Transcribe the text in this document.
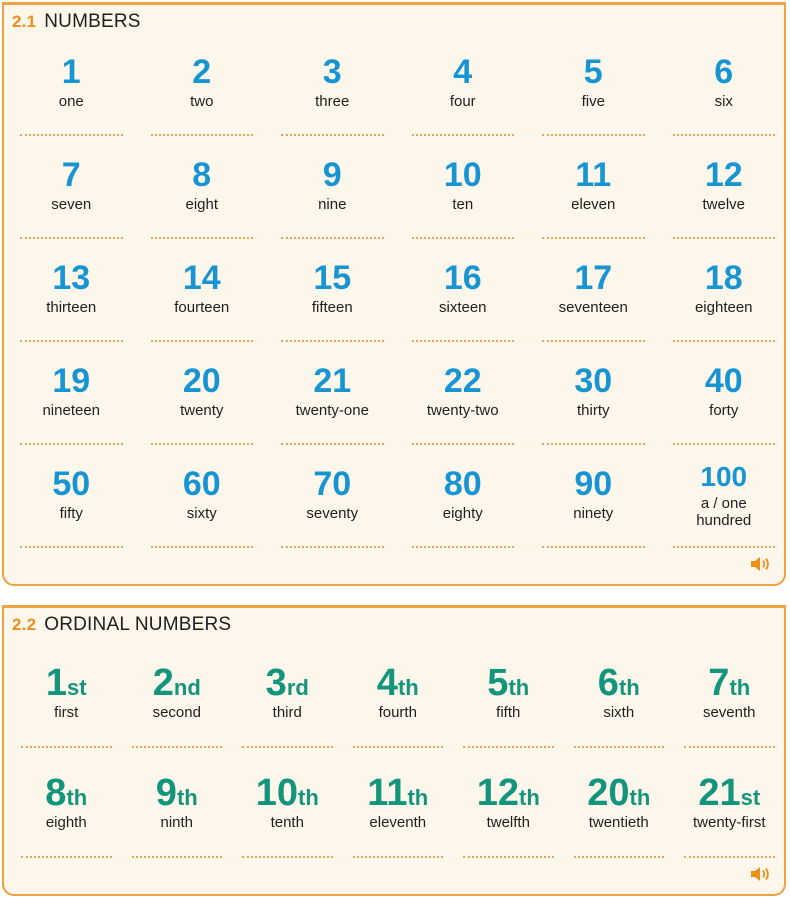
2.1 NUMBERS
1
one
2
two
3
three
4
four
5
five
6
six
7
seven
8
eight
9
nine
10
ten
11
eleven
12
twelve
13
thirteen
14
fourteen
15
fifteen
16
sixteen
17
seventeen
18
eighteen
19
nineteen
20
twenty
21
twenty-one
22
twenty-two
30
thirty
40
forty
50
fifty
60
sixty
70
seventy
80
eighty
90
ninety
100
a / one
hundred
2.2 ORDINAL NUMBERS
1st
first
2nd
second
3rd
third
4th
fourth
5th
fifth
6th
sixth
7th
seventh
8th
eighth
9th
ninth
10th
tenth
11th
eleventh
12th
twelfth
20th
twentieth
21st
twenty-first
